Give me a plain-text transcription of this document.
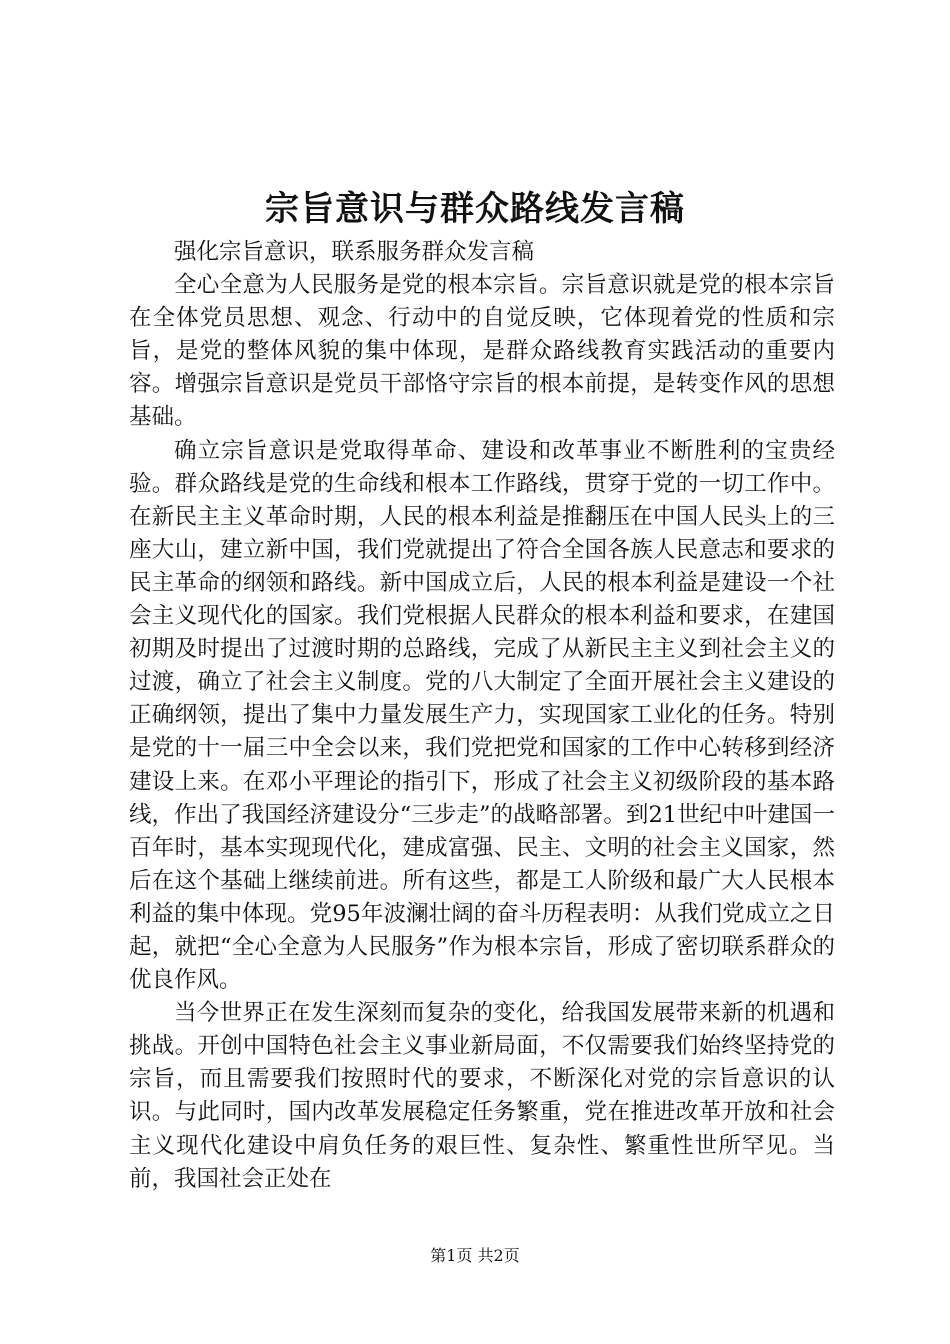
宗旨意识与群众路线发言稿

强化宗旨意识，联系服务群众发言稿

全心全意为人民服务是党的根本宗旨。宗旨意识就是党的根本宗旨在全体党员思想、观念、行动中的自觉反映，它体现着党的性质和宗旨，是党的整体风貌的集中体现，是群众路线教育实践活动的重要内容。增强宗旨意识是党员干部恪守宗旨的根本前提，是转变作风的思想基础。

确立宗旨意识是党取得革命、建设和改革事业不断胜利的宝贵经验。群众路线是党的生命线和根本工作路线，贯穿于党的一切工作中。在新民主主义革命时期，人民的根本利益是推翻压在中国人民头上的三座大山，建立新中国，我们党就提出了符合全国各族人民意志和要求的民主革命的纲领和路线。新中国成立后，人民的根本利益是建设一个社会主义现代化的国家。我们党根据人民群众的根本利益和要求，在建国初期及时提出了过渡时期的总路线，完成了从新民主主义到社会主义的过渡，确立了社会主义制度。党的八大制定了全面开展社会主义建设的正确纲领，提出了集中力量发展生产力，实现国家工业化的任务。特别是党的十一届三中全会以来，我们党把党和国家的工作中心转移到经济建设上来。在邓小平理论的指引下，形成了社会主义初级阶段的基本路线，作出了我国经济建设分“三步走”的战略部署。到21世纪中叶建国一百年时，基本实现现代化，建成富强、民主、文明的社会主义国家，然后在这个基础上继续前进。所有这些，都是工人阶级和最广大人民根本利益的集中体现。党95年波澜壮阔的奋斗历程表明：从我们党成立之日起，就把“全心全意为人民服务”作为根本宗旨，形成了密切联系群众的优良作风。

当今世界正在发生深刻而复杂的变化，给我国发展带来新的机遇和挑战。开创中国特色社会主义事业新局面，不仅需要我们始终坚持党的宗旨，而且需要我们按照时代的要求，不断深化对党的宗旨意识的认识。与此同时，国内改革发展稳定任务繁重，党在推进改革开放和社会主义现代化建设中肩负任务的艰巨性、复杂性、繁重性世所罕见。当前，我国社会正处在

第1页 共2页
